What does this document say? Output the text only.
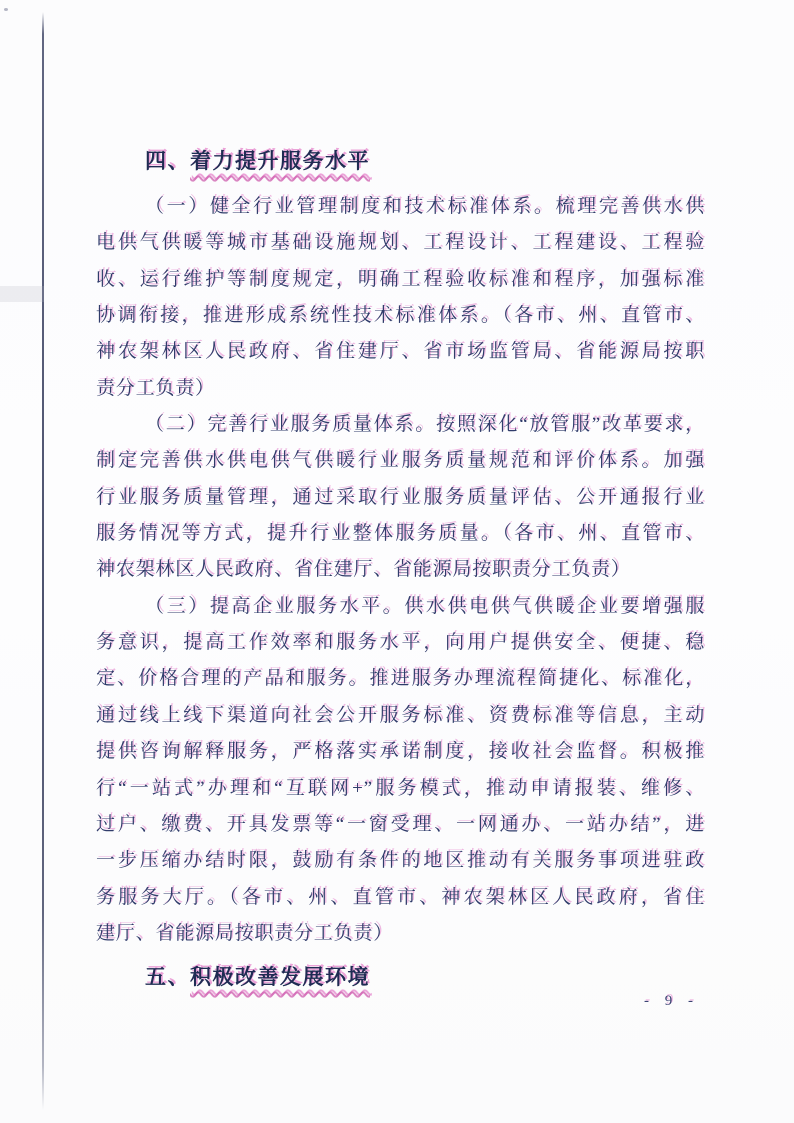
四、着力提升服务水平

（一）健全行业管理制度和技术标准体系。梳理完善供水供

电供气供暖等城市基础设施规划、工程设计、工程建设、工程验

收、运行维护等制度规定，明确工程验收标准和程序，加强标准

协调衔接，推进形成系统性技术标准体系。（各市、州、直管市、

神农架林区人民政府、省住建厅、省市场监管局、省能源局按职

责分工负责）

（二）完善行业服务质量体系。按照深化“放管服”改革要求，

制定完善供水供电供气供暖行业服务质量规范和评价体系。加强

行业服务质量管理，通过采取行业服务质量评估、公开通报行业

服务情况等方式，提升行业整体服务质量。（各市、州、直管市、

神农架林区人民政府、省住建厅、省能源局按职责分工负责）

（三）提高企业服务水平。供水供电供气供暖企业要增强服

务意识，提高工作效率和服务水平，向用户提供安全、便捷、稳

定、价格合理的产品和服务。推进服务办理流程简捷化、标准化，

通过线上线下渠道向社会公开服务标准、资费标准等信息，主动

提供咨询解释服务，严格落实承诺制度，接收社会监督。积极推

行“一站式”办理和“互联网+”服务模式，推动申请报装、维修、

过户、缴费、开具发票等“一窗受理、一网通办、一站办结”，进

一步压缩办结时限，鼓励有条件的地区推动有关服务事项进驻政

务服务大厅。（各市、州、直管市、神农架林区人民政府，省住

建厅、省能源局按职责分工负责）

五、积极改善发展环境
- 9 -
